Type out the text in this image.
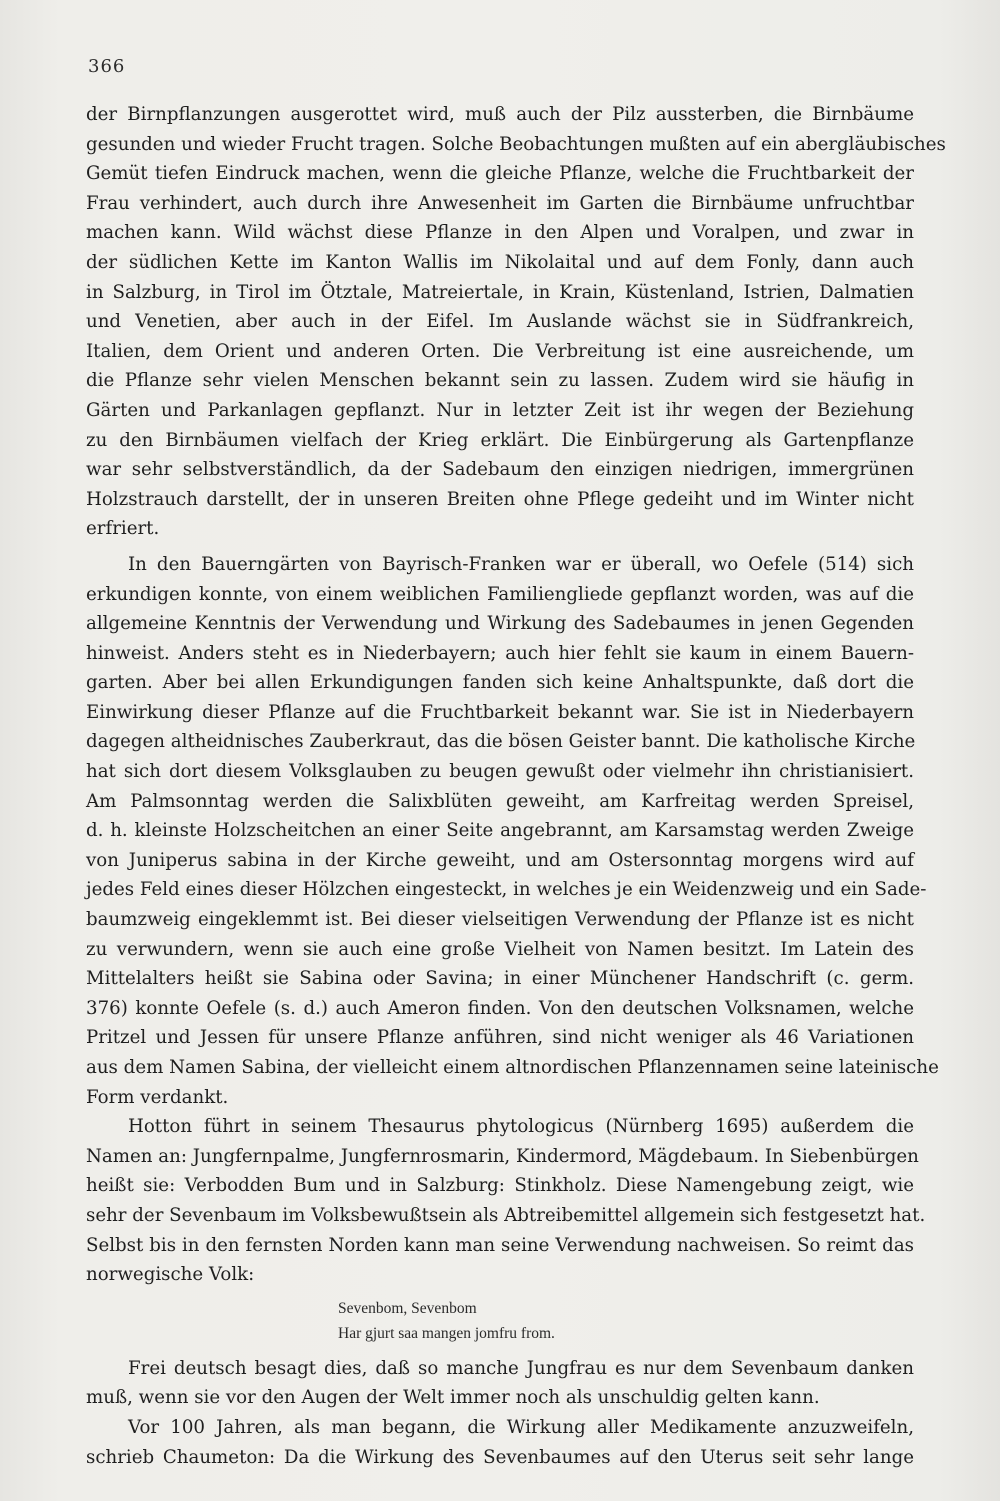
366
der Birnpflanzungen ausgerottet wird, muß auch der Pilz aussterben, die Birnbäume
gesunden und wieder Frucht tragen. Solche Beobachtungen mußten auf ein abergläubisches
Gemüt tiefen Eindruck machen, wenn die gleiche Pflanze, welche die Fruchtbarkeit der
Frau verhindert, auch durch ihre Anwesenheit im Garten die Birnbäume unfruchtbar
machen kann. Wild wächst diese Pflanze in den Alpen und Voralpen, und zwar in
der südlichen Kette im Kanton Wallis im Nikolaital und auf dem Fonly, dann auch
in Salzburg, in Tirol im Ötztale, Matreiertale, in Krain, Küstenland, Istrien, Dalmatien
und Venetien, aber auch in der Eifel. Im Auslande wächst sie in Südfrankreich,
Italien, dem Orient und anderen Orten. Die Verbreitung ist eine ausreichende, um
die Pflanze sehr vielen Menschen bekannt sein zu lassen. Zudem wird sie häufig in
Gärten und Parkanlagen gepflanzt. Nur in letzter Zeit ist ihr wegen der Beziehung
zu den Birnbäumen vielfach der Krieg erklärt. Die Einbürgerung als Gartenpflanze
war sehr selbstverständlich, da der Sadebaum den einzigen niedrigen, immergrünen
Holzstrauch darstellt, der in unseren Breiten ohne Pflege gedeiht und im Winter nicht
erfriert.
In den Bauerngärten von Bayrisch-Franken war er überall, wo Oefele (514) sich
erkundigen konnte, von einem weiblichen Familiengliede gepflanzt worden, was auf die
allgemeine Kenntnis der Verwendung und Wirkung des Sadebaumes in jenen Gegenden
hinweist. Anders steht es in Niederbayern; auch hier fehlt sie kaum in einem Bauern-
garten. Aber bei allen Erkundigungen fanden sich keine Anhaltspunkte, daß dort die
Einwirkung dieser Pflanze auf die Fruchtbarkeit bekannt war. Sie ist in Niederbayern
dagegen altheidnisches Zauberkraut, das die bösen Geister bannt. Die katholische Kirche
hat sich dort diesem Volksglauben zu beugen gewußt oder vielmehr ihn christianisiert.
Am Palmsonntag werden die Salixblüten geweiht, am Karfreitag werden Spreisel,
d. h. kleinste Holzscheitchen an einer Seite angebrannt, am Karsamstag werden Zweige
von Juniperus sabina in der Kirche geweiht, und am Ostersonntag morgens wird auf
jedes Feld eines dieser Hölzchen eingesteckt, in welches je ein Weidenzweig und ein Sade-
baumzweig eingeklemmt ist. Bei dieser vielseitigen Verwendung der Pflanze ist es nicht
zu verwundern, wenn sie auch eine große Vielheit von Namen besitzt. Im Latein des
Mittelalters heißt sie Sabina oder Savina; in einer Münchener Handschrift (c. germ.
376) konnte Oefele (s. d.) auch Ameron finden. Von den deutschen Volksnamen, welche
Pritzel und Jessen für unsere Pflanze anführen, sind nicht weniger als 46 Variationen
aus dem Namen Sabina, der vielleicht einem altnordischen Pflanzennamen seine lateinische
Form verdankt.
Hotton führt in seinem Thesaurus phytologicus (Nürnberg 1695) außerdem die
Namen an: Jungfernpalme, Jungfernrosmarin, Kindermord, Mägdebaum. In Siebenbürgen
heißt sie: Verbodden Bum und in Salzburg: Stinkholz. Diese Namengebung zeigt, wie
sehr der Sevenbaum im Volksbewußtsein als Abtreibemittel allgemein sich festgesetzt hat.
Selbst bis in den fernsten Norden kann man seine Verwendung nachweisen. So reimt das
norwegische Volk:
Sevenbom, Sevenbom
Har gjurt saa mangen jomfru from.
Frei deutsch besagt dies, daß so manche Jungfrau es nur dem Sevenbaum danken
muß, wenn sie vor den Augen der Welt immer noch als unschuldig gelten kann.
Vor 100 Jahren, als man begann, die Wirkung aller Medikamente anzuzweifeln,
schrieb Chaumeton: Da die Wirkung des Sevenbaumes auf den Uterus seit sehr lange
